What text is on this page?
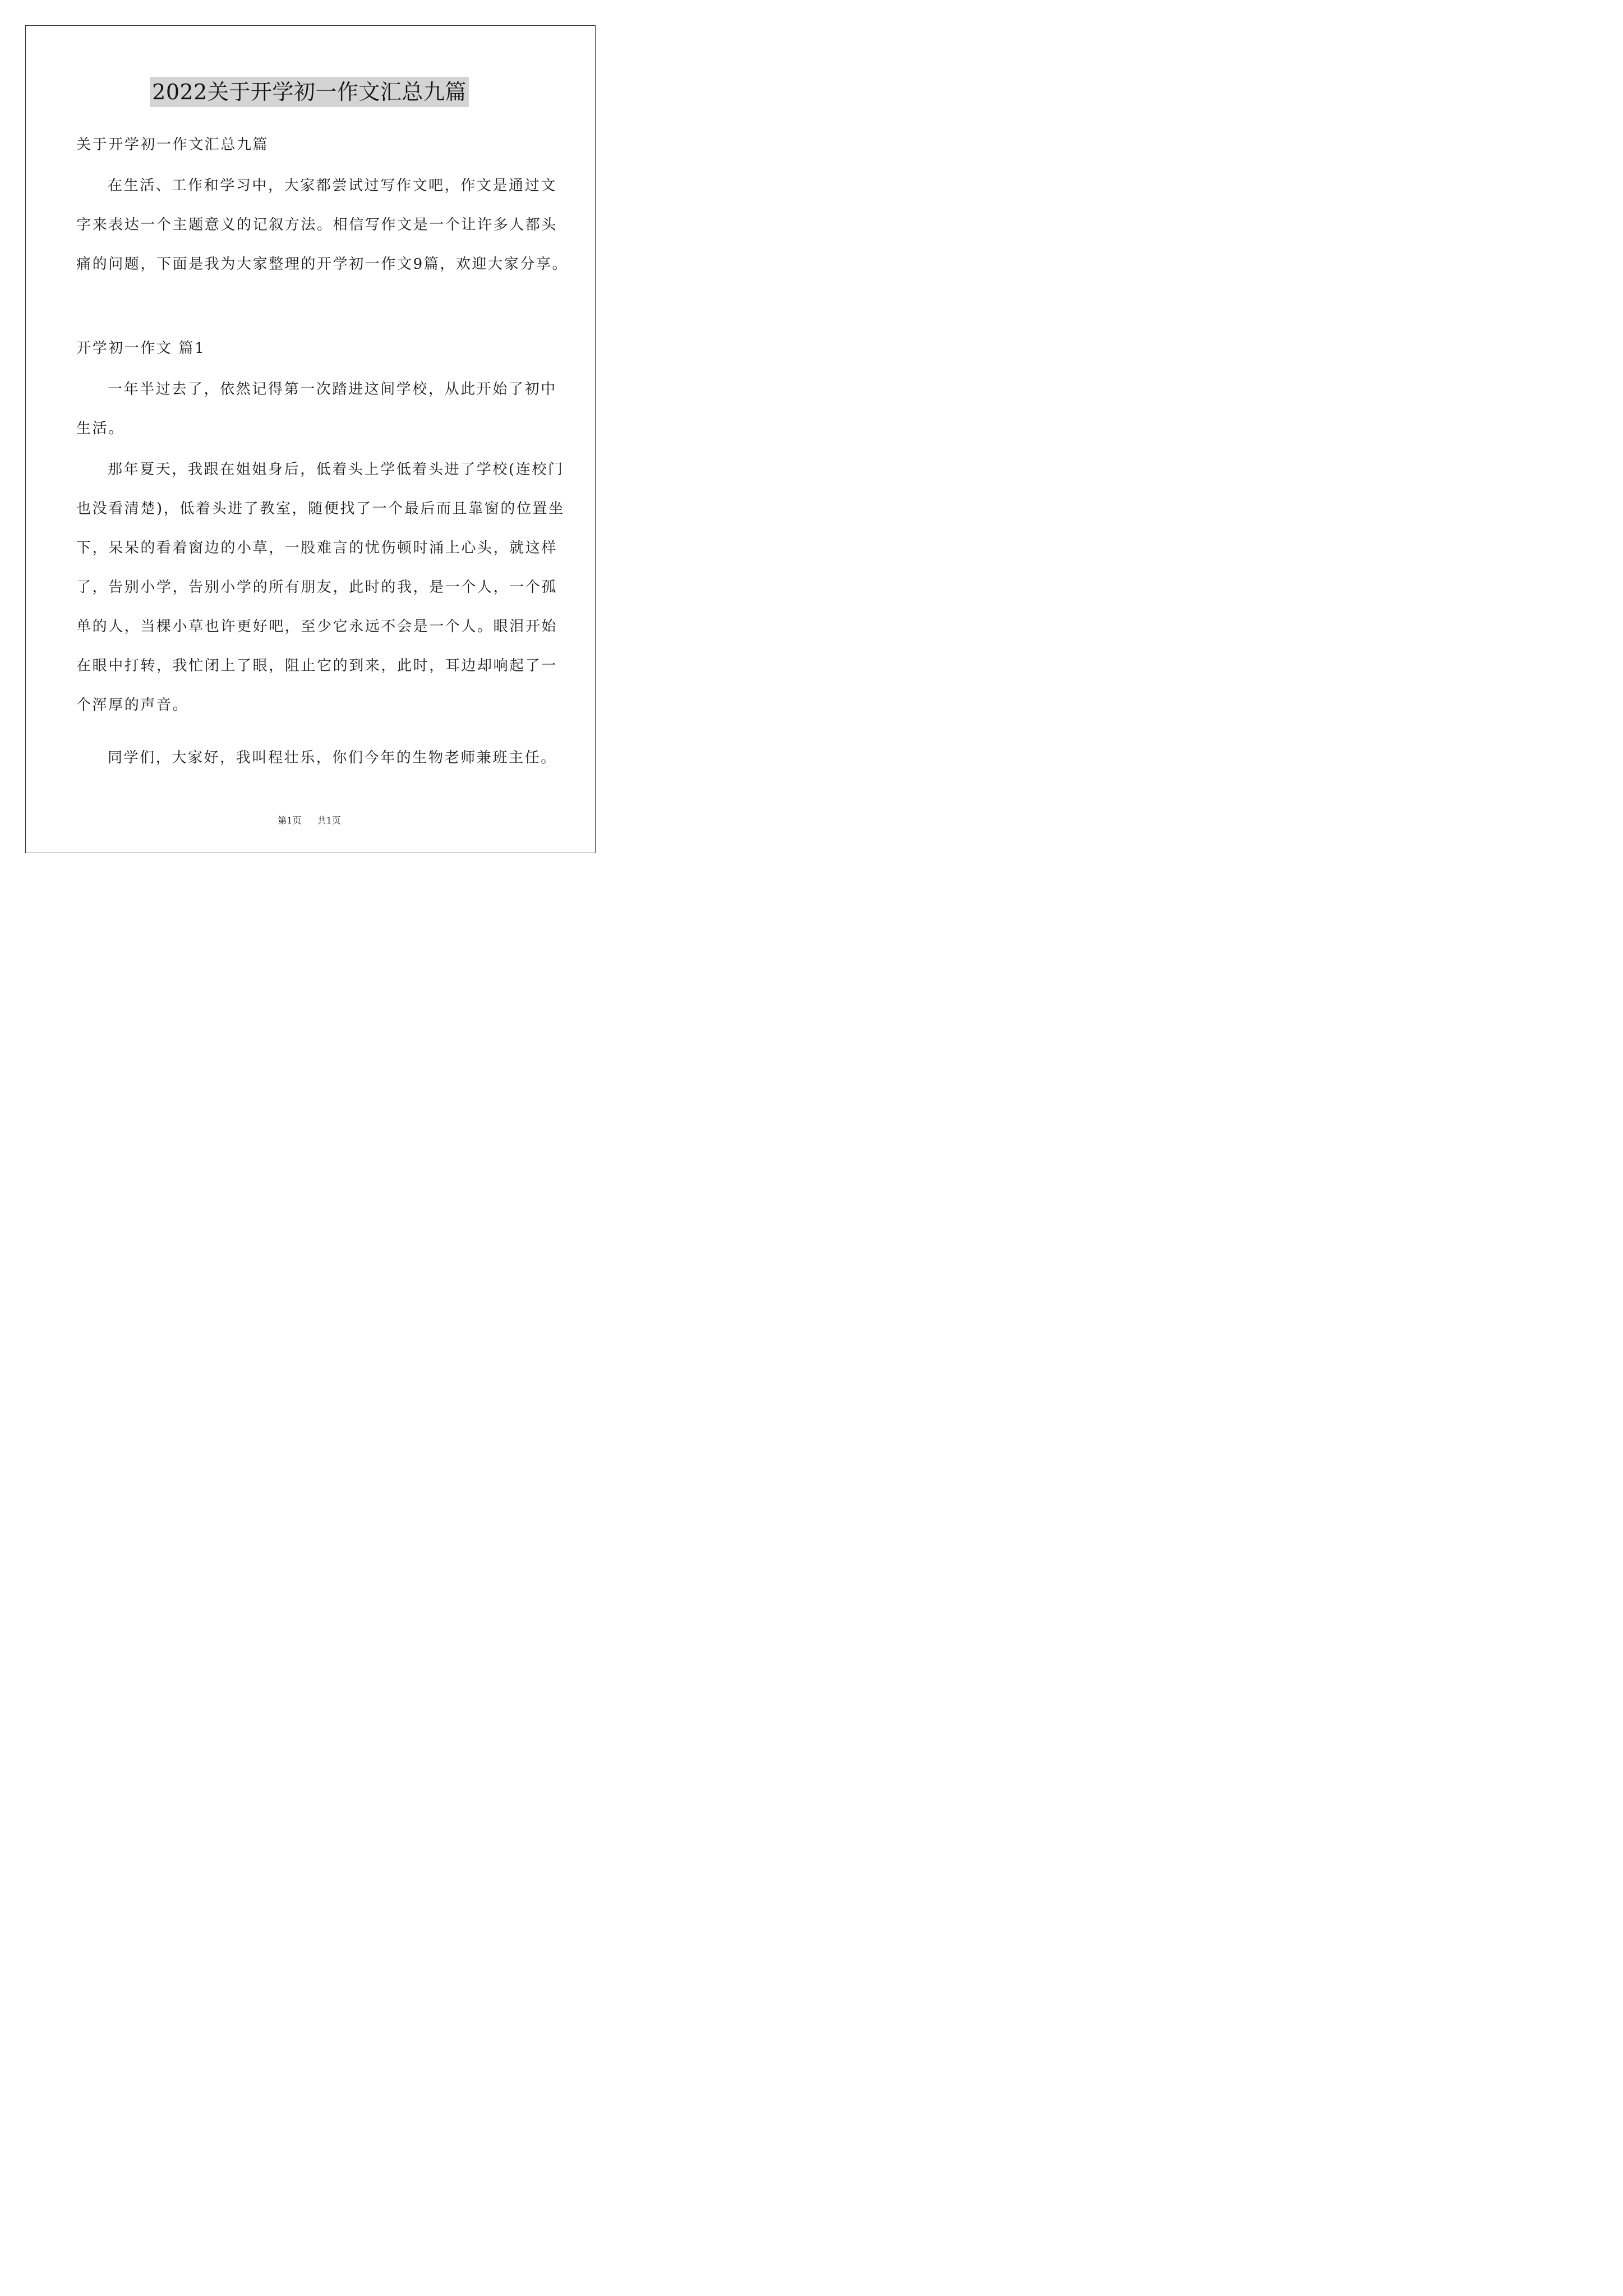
2022关于开学初一作文汇总九篇
关于开学初一作文汇总九篇
在生活、工作和学习中，大家都尝试过写作文吧，作文是通过文
字来表达一个主题意义的记叙方法。相信写作文是一个让许多人都头
痛的问题，下面是我为大家整理的开学初一作文9篇，欢迎大家分享。
开学初一作文 篇1
一年半过去了，依然记得第一次踏进这间学校，从此开始了初中
生活。
那年夏天，我跟在姐姐身后，低着头上学低着头进了学校(连校门
也没看清楚)，低着头进了教室，随便找了一个最后而且靠窗的位置坐
下，呆呆的看着窗边的小草，一股难言的忧伤顿时涌上心头，就这样
了，告别小学，告别小学的所有朋友，此时的我，是一个人，一个孤
单的人，当棵小草也许更好吧，至少它永远不会是一个人。眼泪开始
在眼中打转，我忙闭上了眼，阻止它的到来，此时，耳边却响起了一
个浑厚的声音。
同学们，大家好，我叫程壮乐，你们今年的生物老师兼班主任。
第1页 共1页
